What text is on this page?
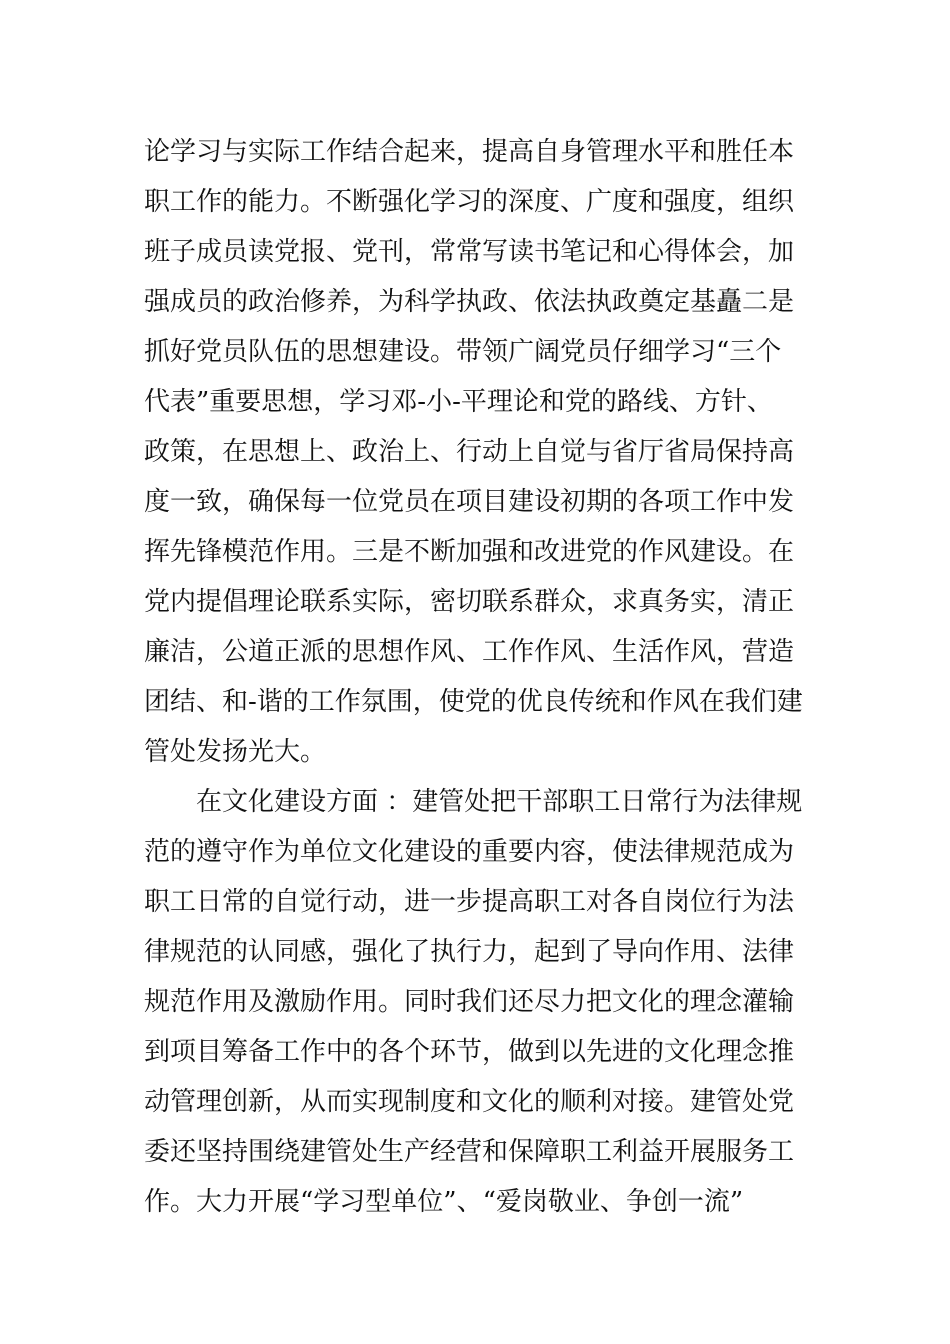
论学习与实际工作结合起来，提高自身管理水平和胜任本
职工作的能力。不断强化学习的深度、广度和强度，组织
班子成员读党报、党刊，常常写读书笔记和心得体会，加
强成员的政治修养，为科学执政、依法执政奠定基矗二是
抓好党员队伍的思想建设。带领广阔党员仔细学习“三个
代表”重要思想，学习邓-小-平理论和党的路线、方针、
政策，在思想上、政治上、行动上自觉与省厅省局保持高
度一致，确保每一位党员在项目建设初期的各项工作中发
挥先锋模范作用。三是不断加强和改进党的作风建设。在
党内提倡理论联系实际，密切联系群众，求真务实，清正
廉洁，公道正派的思想作风、工作作风、生活作风，营造
团结、和-谐的工作氛围，使党的优良传统和作风在我们建
管处发扬光大。
在文化建设方面 ：建管处把干部职工日常行为法律规
范的遵守作为单位文化建设的重要内容，使法律规范成为
职工日常的自觉行动，进一步提高职工对各自岗位行为法
律规范的认同感，强化了执行力，起到了导向作用、法律
规范作用及激励作用。同时我们还尽力把文化的理念灌输
到项目筹备工作中的各个环节，做到以先进的文化理念推
动管理创新，从而实现制度和文化的顺利对接。建管处党
委还坚持围绕建管处生产经营和保障职工利益开展服务工
作。大力开展“学习型单位”、“爱岗敬业、争创一流”
